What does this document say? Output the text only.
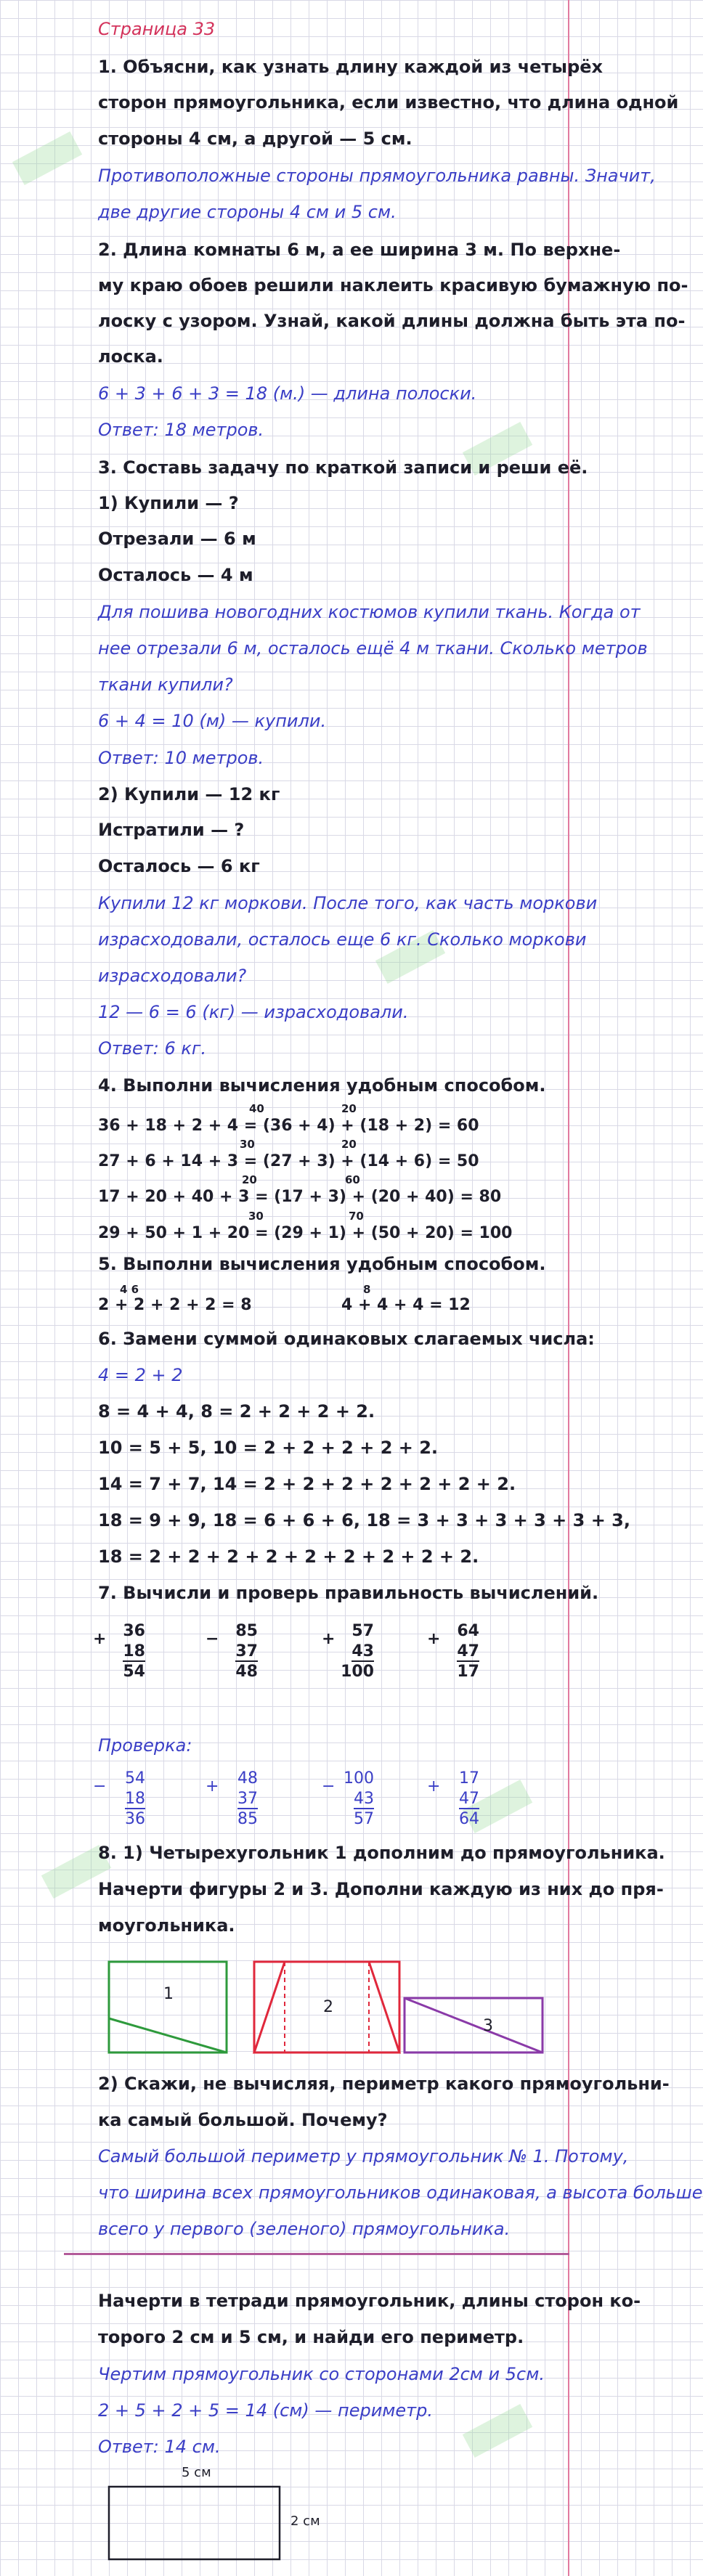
Страница 33
1. Объясни, как узнать длину каждой из четырёх
сторон прямоугольника, если известно, что длина одной
стороны 4 см, а другой — 5 см.
Противоположные стороны прямоугольника равны. Значит,
две другие стороны 4 см и 5 см.
2. Длина комнаты 6 м, а ее ширина 3 м. По верхне-
му краю обоев решили наклеить красивую бумажную по-
лоску с узором. Узнай, какой длины должна быть эта по-
лоска.
6 + 3 + 6 + 3 = 18 (м.) — длина полоски.
Ответ: 18 метров.
3. Составь задачу по краткой записи и реши её.
1) Купили — ?
Отрезали — 6 м
Осталось — 4 м
Для пошива новогодних костюмов купили ткань. Когда от
нее отрезали 6 м, осталось ещё 4 м ткани. Сколько метров
ткани купили?
6 + 4 = 10 (м) — купили.
Ответ: 10 метров.
2) Купили — 12 кг
Истратили — ?
Осталось — 6 кг
Купили 12 кг моркови. После того, как часть моркови
израсходовали, осталось еще 6 кг. Сколько моркови
израсходовали?
12 — 6 = 6 (кг) — израсходовали.
Ответ: 6 кг.
4. Выполни вычисления удобным способом.
5. Выполни вычисления удобным способом.
6. Замени суммой одинаковых слагаемых числа:
4 = 2 + 2
8 = 4 + 4, 8 = 2 + 2 + 2 + 2.
10 = 5 + 5, 10 = 2 + 2 + 2 + 2 + 2.
14 = 7 + 7, 14 = 2 + 2 + 2 + 2 + 2 + 2 + 2.
18 = 9 + 9, 18 = 6 + 6 + 6, 18 = 3 + 3 + 3 + 3 + 3 + 3,
18 = 2 + 2 + 2 + 2 + 2 + 2 + 2 + 2 + 2.
7. Вычисли и проверь правильность вычислений.
Проверка:
8. 1) Четырехугольник 1 дополним до прямоугольника.
Начерти фигуры 2 и 3. Дополни каждую из них до пря-
моугольника.
2) Скажи, не вычисляя, периметр какого прямоугольни-
ка самый большой. Почему?
Самый большой периметр у прямоугольник № 1. Потому,
что ширина всех прямоугольников одинаковая, а высота больше
всего у первого (зеленого) прямоугольника.
Начерти в тетради прямоугольник, длины сторон ко-
торого 2 см и 5 см, и найди его периметр.
Чертим прямоугольник со сторонами 2см и 5см.
2 + 5 + 2 + 5 = 14 (см) — периметр.
Ответ: 14 см.
40	20
36 + 18 + 2 + 4 = (36 + 4) + (18 + 2) = 60
30	20
27 + 6 + 14 + 3 = (27 + 3) + (14 + 6) = 50
20	60
17 + 20 + 40 + 3 = (17 + 3) + (20 + 40) = 80
30	70
29 + 50 + 1 + 20 = (29 + 1) + (50 + 20) = 100
4 6
2 + 2 + 2 + 2 = 8
8
4 + 4 + 4 = 12
+	36
18
54
−	85
37
48
+	57
43
100
+	64
47
17
−	54
18
36
+	48
37
85
− 100
43
57
+	17
47
64
1
2
3
5 см
2 см
